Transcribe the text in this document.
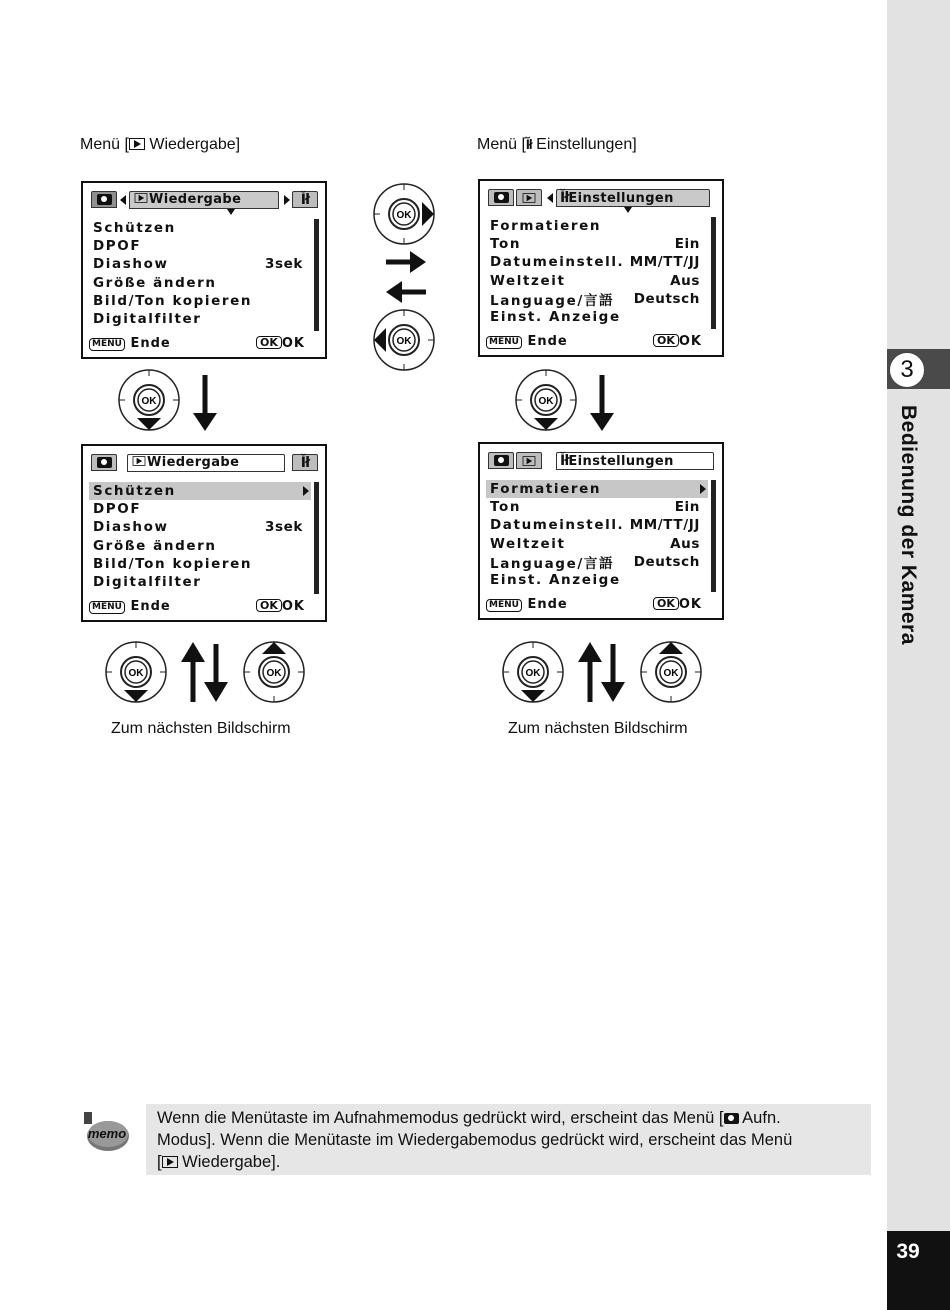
3
Bedienung der Kamera
39
Menü [ Wiedergabe]	Menü [Ĭł Einstellungen]
Wiedergabe	Ĭł
Schützen
DPOF
Diashow	3sek
Größe ändern
Bild/Ton kopieren
Digitalfilter
MENU Ende	OK OK
Wiedergabe	Ĭł
Schützen
DPOF
Diashow	3sek
Größe ändern
Bild/Ton kopieren
Digitalfilter
MENU Ende	OK OK
ĬłEinstellungen
Formatieren
Ton	Ein
Datumeinstell. MM/TT/JJ
Weltzeit	Aus
Language/言語 Deutsch
Einst. Anzeige
MENU Ende	OK OK
ĬłEinstellungen
Formatieren
Ton	Ein
Datumeinstell. MM/TT/JJ
Weltzeit	Aus
Language/言語 Deutsch
Einst. Anzeige
MENU Ende	OK OK
OK
OK
OK	OK
OK	OK	OK	OK
Zum nächsten Bildschirm	Zum nächsten Bildschirm
memo
Wenn die Menütaste im Aufnahmemodus gedrückt wird, erscheint das Menü [ Aufn.
Modus]. Wenn die Menütaste im Wiedergabemodus gedrückt wird, erscheint das Menü
[ Wiedergabe].
